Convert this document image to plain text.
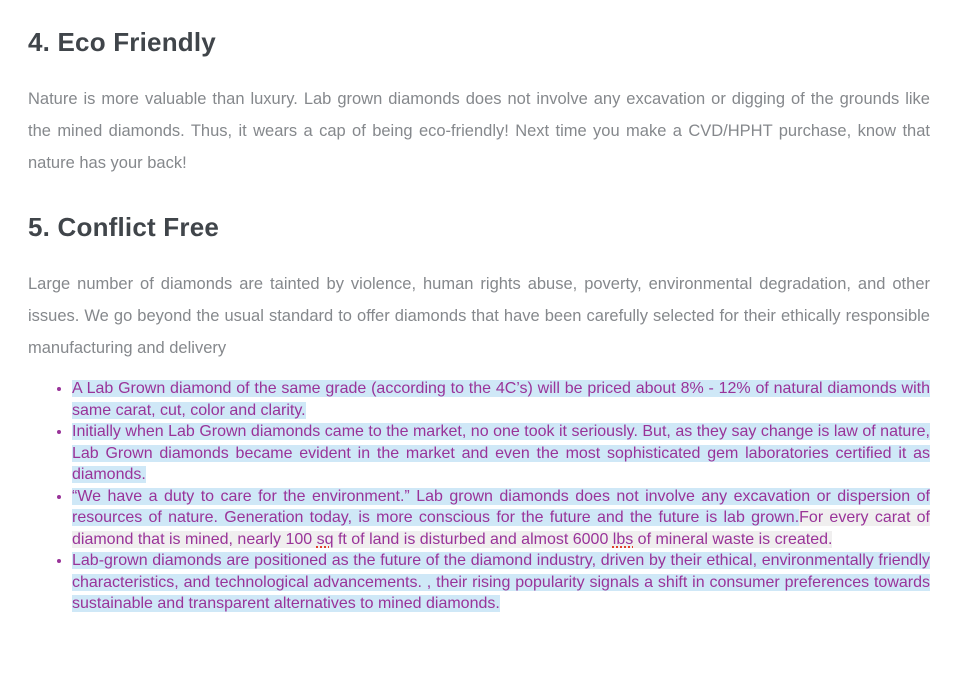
4. Eco Friendly

Nature is more valuable than luxury. Lab grown diamonds does not involve any excavation or digging of the grounds like the mined diamonds. Thus, it wears a cap of being eco-friendly! Next time you make a CVD/HPHT purchase, know that nature has your back!

5. Conflict Free

Large number of diamonds are tainted by violence, human rights abuse, poverty, environmental degradation, and other issues. We go beyond the usual standard to offer diamonds that have been carefully selected for their ethically responsible manufacturing and delivery

• A Lab Grown diamond of the same grade (according to the 4C’s) will be priced about 8% - 12% of natural diamonds with same carat, cut, color and clarity.
• Initially when Lab Grown diamonds came to the market, no one took it seriously. But, as they say change is law of nature, Lab Grown diamonds became evident in the market and even the most sophisticated gem laboratories certified it as diamonds.
• “We have a duty to care for the environment.” Lab grown diamonds does not involve any excavation or dispersion of resources of nature. Generation today, is more conscious for the future and the future is lab grown.For every carat of diamond that is mined, nearly 100 sq ft of land is disturbed and almost 6000 lbs of mineral waste is created.
• Lab-grown diamonds are positioned as the future of the diamond industry, driven by their ethical, environmentally friendly characteristics, and technological advancements. , their rising popularity signals a shift in consumer preferences towards sustainable and transparent alternatives to mined diamonds.
